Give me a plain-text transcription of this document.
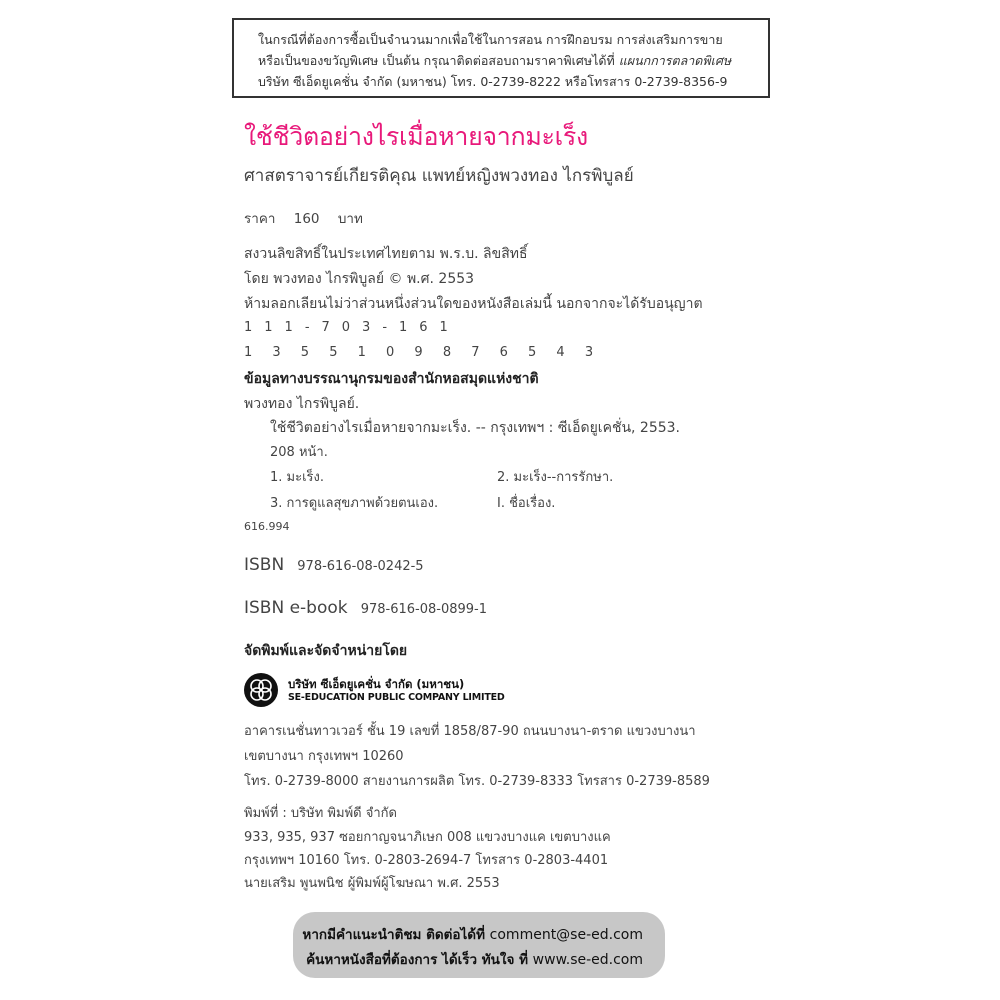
ในกรณีที่ต้องการซื้อเป็นจำนวนมากเพื่อใช้ในการสอน การฝึกอบรม การส่งเสริมการขาย
หรือเป็นของขวัญพิเศษ เป็นต้น กรุณาติดต่อสอบถามราคาพิเศษได้ที่ แผนกการตลาดพิเศษ
บริษัท ซีเอ็ดยูเคชั่น จำกัด (มหาชน) โทร. 0-2739-8222 หรือโทรสาร 0-2739-8356-9
ใช้ชีวิตอย่างไรเมื่อหายจากมะเร็ง
ศาสตราจารย์เกียรติคุณ แพทย์หญิงพวงทอง ไกรพิบูลย์
ราคา 160 บาท
สงวนลิขสิทธิ์ในประเทศไทยตาม พ.ร.บ. ลิขสิทธิ์
โดย พวงทอง ไกรพิบูลย์ © พ.ศ. 2553
ห้ามลอกเลียนไม่ว่าส่วนหนึ่งส่วนใดของหนังสือเล่มนี้ นอกจากจะได้รับอนุญาต
111-703-161
1 3 5 5 1 0 9 8 7 6 5 4 3
ข้อมูลทางบรรณานุกรมของสำนักหอสมุดแห่งชาติ
พวงทอง ไกรพิบูลย์.
ใช้ชีวิตอย่างไรเมื่อหายจากมะเร็ง. -- กรุงเทพฯ : ซีเอ็ดยูเคชั่น, 2553.
208 หน้า.
1. มะเร็ง.	2. มะเร็ง--การรักษา.
3. การดูแลสุขภาพด้วยตนเอง.	I. ชื่อเรื่อง.
616.994
ISBN 978-616-08-0242-5
ISBN e-book 978-616-08-0899-1
จัดพิมพ์และจัดจำหน่ายโดย
บริษัท ซีเอ็ดยูเคชั่น จำกัด (มหาชน)
SE-EDUCATION PUBLIC COMPANY LIMITED
อาคารเนชั่นทาวเวอร์ ชั้น 19 เลขที่ 1858/87-90 ถนนบางนา-ตราด แขวงบางนา
เขตบางนา กรุงเทพฯ 10260
โทร. 0-2739-8000 สายงานการผลิต โทร. 0-2739-8333 โทรสาร 0-2739-8589
พิมพ์ที่ : บริษัท พิมพ์ดี จำกัด
933, 935, 937 ซอยกาญจนาภิเษก 008 แขวงบางแค เขตบางแค
กรุงเทพฯ 10160 โทร. 0-2803-2694-7 โทรสาร 0-2803-4401
นายเสริม พูนพนิช ผู้พิมพ์ผู้โฆษณา พ.ศ. 2553
หากมีคำแนะนำติชม ติดต่อได้ที่ comment@se-ed.com
ค้นหาหนังสือที่ต้องการ ได้เร็ว ทันใจ ที่ www.se-ed.com
